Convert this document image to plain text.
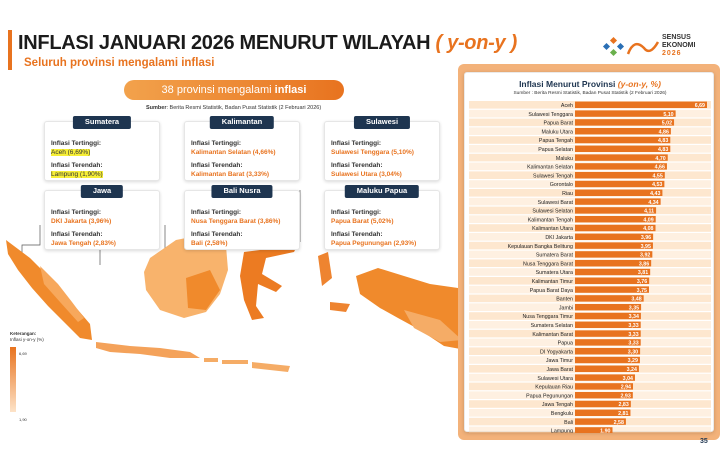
INFLASI JANUARI 2026 MENURUT WILAYAH ( y-on-y )
Seluruh provinsi mengalami inflasi
SENSUS
EKONOMI
2026
38 provinsi mengalami inflasi
Sumber: Berita Resmi Statistik, Badan Pusat Statistik (2 Februari 2026)
Sumatera
Inflasi Tertinggi:
Aceh (6,69%)
Inflasi Terendah:
Lampung (1,90%)
Kalimantan
Inflasi Tertinggi:
Kalimantan Selatan (4,66%)
Inflasi Terendah:
Kalimantan Barat (3,33%)
Sulawesi
Inflasi Tertinggi:
Sulawesi Tenggara (5,10%)
Inflasi Terendah:
Sulawesi Utara (3,04%)
Jawa
Inflasi Tertinggi:
DKI Jakarta (3,96%)
Inflasi Terendah:
Jawa Tengah (2,83%)
Bali Nusra
Inflasi Tertinggi:
Nusa Tenggara Barat (3,86%)
Inflasi Terendah:
Bali (2,58%)
Maluku Papua
Inflasi Tertinggi:
Papua Barat (5,02%)
Inflasi Terendah:
Papua Pegunungan (2,93%)
Keterangan:
Inflasi y-on-y (%)
6,69
1,90
Inflasi Menurut Provinsi (y-on-y, %)
Sumber : Berita Resmi Statistik, Badan Pusat Statistik (2 Februari 2026)
Aceh	6,69
Sulawesi Tenggara	5,10
Papua Barat	5,02
Maluku Utara	4,86
Papua Tengah	4,83
Papua Selatan	4,83
Maluku	4,70
Kalimantan Selatan	4,66
Sulawesi Tengah	4,55
Gorontalo	4,53
Riau	4,43
Sulawesi Barat	4,34
Sulawesi Selatan	4,11
Kalimantan Tengah	4,09
Kalimantan Utara	4,08
DKI Jakarta	3,96
Kepulauan Bangka Belitung	3,95
Sumatera Barat	3,92
Nusa Tenggara Barat	3,86
Sumatera Utara	3,81
Kalimantan Timur	3,76
Papua Barat Daya	3,75
Banten	3,48
Jambi	3,35
Nusa Tenggara Timur	3,34
Sumatera Selatan	3,33
Kalimantan Barat	3,33
Papua	3,33
DI Yogyakarta	3,30
Jawa Timur	3,29
Jawa Barat	3,24
Sulawesi Utara	3,04
Kepulauan Riau	2,94
Papua Pegunungan	2,93
Jawa Tengah	2,83
Bengkulu	2,81
Bali	2,58
Lampung	1,90
35
